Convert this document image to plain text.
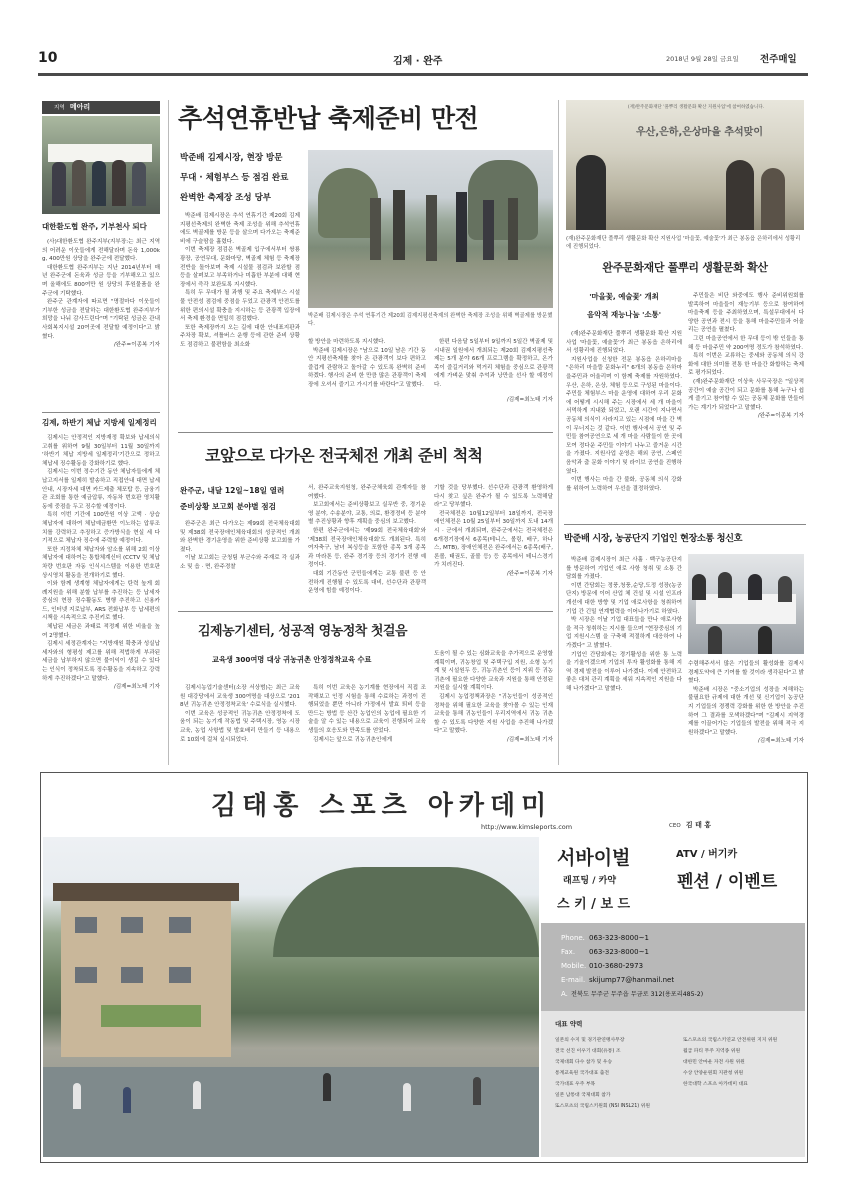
10	김제 · 완주	2018년 9월 28일 금요일 전주매일
지역 메아리
대한환도협 완주, 기부천사 되다

(사)대한환도협 완주지부(지부장:는 최근 지역의 어려운 이웃들에게 전해달라며 돈육 1,000kg, 400만원 상당을 완주군에 전달했다.

대한환도협 완주지부는 지난 2014년부터 매년 완주군에 돈육과 성금 등을 기부해오고 있으며 올해에도 800여만 원 상당의 후원물품을 완주군에 기탁했다.

완주군 관계자에 따르면 "명절마다 이웃들이 기부한 성금을 전달하는 대한환도협 완주지부가 희망을 나눠 감사드린다"며 "기탁된 성금은 관내 사회복지시설 20여곳에 전달할 예정이다"고 밝혔다.

/완주=이종복 기자
김제, 하반기 체납 지방세 일제정리

김제시는 안정적인 지방재정 확보와 납세의식 고취를 위하여 9월 30일부터 11월 30일까지 '하반기 체납 지방세 일제정리'기간으로 정하고 체납세 징수활동을 강화하기로 했다.

김제시는 이번 정수기간 동안 체납자들에게 체납고지서를 일제히 발송하고 직접안내 대면 납세안내, 시장자세 대면 카드제출 체포탑 등, 금융기관 조회를 통한 예금압류, 자동차 번호판 영치활동에 중점을 두고 징수할 예정이다.

특히 이번 기간에 100만원 이상 고액 · 상습 체납자에 대하여 체납예금환만 이노하는 압류조치를 강력하고 추징하고 증가방식을 현실 세 다기적으로 체납자 징수에 주력할 예정이다.

또한 지정차체 체납자와 암소를 위해 2회 이상 체납자에 대하여는 통합체계신터 (CCTV 및 체납차량 번호판 자동 인식시스템을 이용한 번호판 상시영치 활동을 전개하기로 했다.

이와 함께 생계형 체납자에게는 탄력 높게 회례지원을 위해 분할 납부를 추진하는 등 납세자 중심의 현장 징수활동도 병행 추진하고 신용카드, 인터넷 지로납부, ARS 전화납부 등 납세편의시책을 시속적으로 추진키로 했다.

체납된 세금은 과태료 적정제 위한 비율을 높여 2명했다.

김제시 세정관계자는 "지방재원 확충과 성실납세자와의 형평성 제고를 위해 적법하게 부과된 세금을 납부하지 않으면 불이익이 생길 수 있다는 인식이 정착되도록 징수활동을 지속하고 강력하게 추진하겠다"고 말했다.

/김제=최노태 기자
추석연휴반납 축제준비 만전
박준배 김제시장, 현장 방문
무대 · 체험부스 등 점검 완료
완벽한 축제장 조성 당부
박준배 김제시장은 추석 연휴기간 제20회 김제지평선축제의 완벽한 축제장 조성을 위해 벽골제를 방문했다.

박준배 김제시장은 추석 연휴기간 제20회 김제지평선축제의 완벽한 축제 조성을 위해 추석연휴에도 벽골제를 방문 등을 살으며 다가오는 축제준비에 구슬땀을 흘렸다.

이번 축제장 점검은 벽골제 입구에서부터 쌍룡광장, 공연무대, 문화마당, 벽골제 체험 등 축제장 전반을 돌아보며 축제 시설물 점검과 보완할 점 등을 살펴보고 부족하거나 미흡한 부분에 대해 현장에서 즉각 보완토록 지시했다.

특히 두 무대가 될 과행 및 주요 축제부스 시설물 안전성 점검에 중점을 두었고 관광객 안전도를 위한 편의시설 확충을 지시하는 등 관광객 입장에서 축제 환경을 면밀히 점검했다.

또한 축제장까지 오는 길에 대한 안내표지판과 주차장 확보, 셔틀버스 운행 등에 관한 준비 상황도 점검하고 불편함을 최소화	할 방안을 마련하도록 지시했다.

박준배 김제시장은 "남으로 10일 남은 기간 동안 지평선축제를 찾아 온 관광객이 보다 편하고 즐겁게 관람하고 돌아갈 수 있도록 완벽히 준비하겠다. 행사의 준비 한 만큼 많은 관광객이 축제장에 오셔서 즐기고 가시기를 바란다"고 말했다.

한편 다음달 5일부터 9일까지 5일간 벽골제 및 시내권 일원에서 개최되는 제20회 김제지평선축제는 5개 분야 66개 프로그램을 확정하고, 온가족이 즐길거리와 먹거리 체험을 중심으로 관광객에게 가벼운 맞춰 추억과 낭만을 선사 할 예정이다.

/김제=최노태 기자
코앞으로 다가온 전국체전 개최 준비 척척
완주군, 내달 12일~18일 열려
준비상황 보고회 분야별 점검

완주군은 최근 다가오는 제99회 전국체육대회 및 제38회 전국장애인체육대회의 성공적인 개최와 완벽한 경기운영을 위한 준비상황 보고회를 가졌다.

이날 보고회는 군청팀 부군수와 주재로 각 실과소 및 읍 · 면, 완주경찰

서, 완주교육지원청, 완주군체육회 관계자들 참여했다.

보고회에서는 준비상황보고 실무반 중, 경기운영 분야, 수송분야, 교통, 의료, 환경정비 등 분야별 추진상황과 향후 계획을 중심의 보고했다.

한편 완주군에서는 '제99회 전국체육대회'와 '제38회 전국장애인체육대회'도 개최된다. 특히 여자축구, 남녀 복싱등을 포함한 종목 3개 종목과 마라톤 등, 완주 경기장 등의 경기가 진행 예정이다.

대회 기간동안 군민들에게는 교통 불편 등 안전하게 진행될 수 있도록 대비, 선수단과 관광객 운영에 힘쓸 예정이다.

기할 것을 당부했다. 선수단과 관광객 환영하게 다시 찾고 싶은 완주가 될 수 있도록 노력해달라"고 당부했다.

전국체전은 10월12일부터 18일까지, 전국장애인체전은 10월 25일부터 30일까지 도내 14개 시 · 군에서 개최되며, 완주군에서는 전국체전은 6개경기장에서 6종목(테니스, 볼링, 배구, 하나스, MTB), 장애인체전은 완주에서는 6종목(배구, 론볼, 태권도, 골볼 등) 등 종목에서 테니스경기가 치러진다.

/완주=이종복 기자
김제농기센터, 성공적 영농정착 첫걸음
교육생 300여명 대상 귀농귀촌 안정정착교육 수료

김제시농업기술센터(소장 서상범)는 최근 교육원 대강당에서 교육생 300여명을 대상으로 '2018년 귀농귀촌 안정정착교육' 수료식을 실시했다.

이번 교육은 성공적인 귀농귀촌 안정정착에 도움이 되는 농기계 작동법 및 주택시장, 영농 시장교육, 농업 사항법 및 발효배리 만들기 등 내용으로 10회에 걸쳐 실시되었다.

특히 이번 교육은 농기계를 현장에서 직접 조작해보고 인정 시험을 통해 수료하는 과정이 진행되었을 뿐만 아니라 가정에서 발효 퇴비 등을 만드는 방법 등 산간 농업인의 농업에 필요한 기술을 알 수 있는 내용으로 교육이 진행되어 교육생들의 호응도와 만족도를 얻었다.

김제시는 앞으로 귀농귀촌인에게

도움이 될 수 있는 심화교육을 추가적으로 운영할 계획이며, 귀농창업 및 주택구입 지원, 소형 농기계 및 시설원두 등, 귀농귀촌인 등이 지위 등 귀농귀촌에 필요한 다양한 교육과 지원을 통해 안정된 지원을 실시할 계획이다.

김제시 농업정책과장은 "귀농인들이 성공적인 정착을 위해 필요한 교육을 찾아볼 수 있는 인재 교육을 통해 귀농인들이 우리지역에서 귀농 귀촌할 수 있도록 다양한 지원 사업을 추진해 나가겠다"고 말했다.

/김제=최노태 기자
(재)완주문화재단 '풀뿌리 생활문화 확산 지원사업'에 참여하였습니다.
우산,은하,은상마을 추석맞이
(재)완주문화재단 풀뿌리 생활문화 확산 지원사업 '마을꽃, 예술꽃'가 최근 봉동읍 은하리에서 성황리에 진행되었다.
완주문화재단 풀뿌리 생활문화 확산
'마을꽃, 예술꽃' 개최
음악적 재능나눔 '소통'

(재)완주문화재단 풀뿌리 생활문화 확산 지원사업 '마을꽃, 예술꽃'가 최근 봉동읍 은하리에서 성황리에 진행되었다.

지원사업을 신청한 전문 봉동읍 은하리마을 "은하리 마을뜰 문화누리" 6개의 봉동읍 은하마을주민과 어울리며 이 함께 축제를 자원하였다. 우산, 은하, 은상, 체험 등으로 구성된 마을이다. 주민들 체험부스 마을 운영에 대하여 우리 문화에 어떻게 시시해 주는 시장에서 세 개 마을이 서먹하게 지내왔 되었고, 오랜 시간이 지나면서 공동체 의식이 사라지고 있는 시점에 마을 간 벽이 무너지는 것 같다. 이번 행사에서 공연 및 주민들 참여공연으로 세 개 마을 사람들이 한 곳에 모여 정다운 주민들 이야기 나누고 즐거운 시간을 가졌다. 지원사업 운영은 해외 공연, 스페인 음악과 춤 문화 이야기 및 라이브 공연을 진행하였다.

이번 행사는 마을 간 불화, 공동체 의식 강화를 위하여 노력하여 우선을 결정하였다.

주민들은 비단 와중에도 행사 준비위원회를 발족하여 마을들이 재능기부 등으로 참여하여 마을축제 등을 주최하였으며, 특설무대에서 다양한 공연과 전시 등을 통해 마을주민들과 어울리는 공연을 펼쳤다.

그린 마을공연에서 한 무대 등이 밖 인들을 통해 등 마을주민 약 200여명 정도가 참석하였다.

특히 이번은 교류하는 중세와 공동체 의식 강화에 대한 의미를 전통 한 마을간 화합하는 축제로 평가되었다.

(재)완주문화재단 이상욱 사무국장은 "일상적 공간이 예술 공간이 되고 문화를 통해 누구나 쉽게 즐기고 참여할 수 있는 공동체 문화를 만들어가는 계기가 되었다"고 말했다.

/완주=이종복 기자
박준배 시장, 농공단지 기업인 현장소통 청신호

박준배 김제시장이 최근 사흘 · 백구농공단지를 방문하여 기업인 애로 사항 청취 및 소통 간담회를 가졌다.

이번 간담회는 정풍,청풍,순당,도정 성장(농공단지) 방문에 이어 산업 체 건설 및 시설 인프라 개선에 대한 방향 및 기업 애로사항을 청취하여 기업 간 긴밀 연계협력을 이어나가기로 하였다.

박 시장은 이날 기업 대표들을 만나 애로사항을 적극 청취하는 지시를 들으며 "현장중심의 기업 지원시스템 을 구축해 적절하게 대응하여 나가겠다" 고 밝혔다.

기업인 간담회에는 경기활성을 위한 통 노력을 기울이겠으며 기업의 투자 활성화를 통해 지역 경제 발전을 이루어 나가겠다. 이제 안전하고 좋은 대처 관리 계획을 세워 지속적인 지원을 다해 나가겠다"고 말했다.

수렴해주셔서 많은 기업들의 활성화를 김제시 경제도약에 큰 기여를 할 것이라 생각된다"고 밝혔다.

박준배 시장은 "중소기업의 성장을 저해하는 불필요한 규제에 대한 개선 및 신기업이 농공단지 기업들의 경쟁력 강화를 위한 한 방안을 추진하여 그 결과를 모색하겠다"며 "김제시 지역경제를 이끌어가는 기업들의 발전을 위해 적극 지원하겠다"고 말했다.

/김제=최노태 기자
김태홍 스포츠 아카데미
http://www.kimsleports.com	CEO 김 태 홍
서바이벌	ATV / 버기카
래프팅 / 카약	펜션 / 이벤트
스 키 / 보 드
Phone. 063-323-8000~1
Fax. 063-323-8000~1
Mobile. 010-3680-2973
E-mail. skijump77@hanmail.net
A. 전북도 무주군 무주읍 무금로 312(용포리485-2)
대표 약력
일본의 수지 및 경기관연맹사무장
전국 선진 이우기 대회(유통) 조
국제대회 다수 참가 및 우승
통계교육원 국가대표 출전
국가대표 우주 부목
일본 남통대 국제대회 참가
또스포츠의 국립스키원회 (NSI INSL21) 위원
또스포츠의 국립스키연교 안전위원 지지 위원
월급 파티 무주 지역종 위원
대한민 안마운 자전 사원 위원
수상 안양운원회 지관청 위원
한국대학 스포츠 아카데미 대표
